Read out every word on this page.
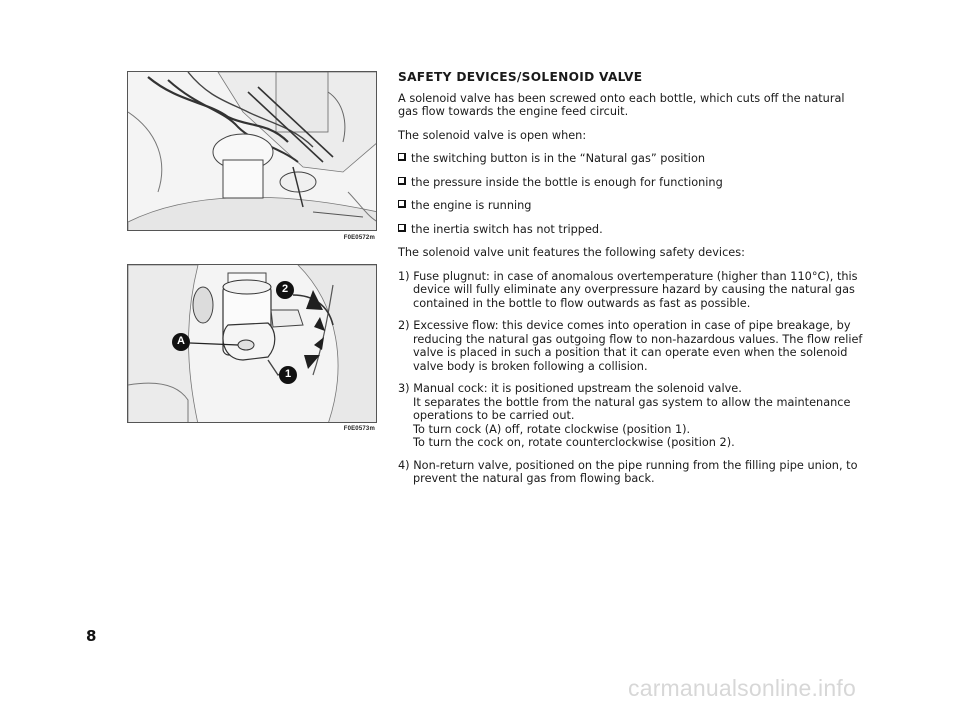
F0E0572m
A
2
1
F0E0573m
SAFETY DEVICES/SOLENOID VALVE
A solenoid valve has been screwed onto each bottle, which cuts off the natural gas flow towards the engine feed circuit.
The solenoid valve is open when:
the switching button is in the “Natural gas” position
the pressure inside the bottle is enough for functioning
the engine is running
the inertia switch has not tripped.
The solenoid valve unit features the following safety devices:
1) Fuse plugnut: in case of anomalous overtemperature (higher than 110°C), this device will fully eliminate any overpressure hazard by causing the natural gas contained in the bottle to flow outwards as fast as possible.
2) Excessive flow: this device comes into operation in case of pipe breakage, by reducing the natural gas outgoing flow to non-hazardous values. The flow relief valve is placed in such a position that it can operate even when the solenoid valve body is broken following a collision.
3) Manual cock: it is positioned upstream the solenoid valve.
It separates the bottle from the natural gas system to allow the maintenance operations to be carried out.
To turn cock (A) off, rotate clockwise (position 1).
To turn the cock on, rotate counterclockwise (position 2).
4) Non-return valve, positioned on the pipe running from the filling pipe union, to prevent the natural gas from flowing back.
8
carmanualsonline.info
